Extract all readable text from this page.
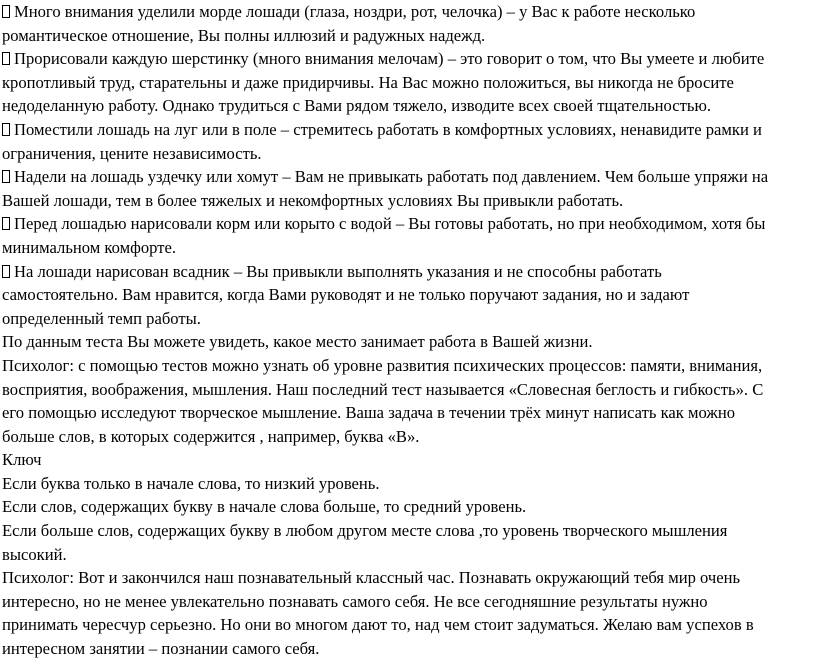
Много внимания уделили морде лошади (глаза, ноздри, рот, челочка) – у Вас к работе несколько
романтическое отношение, Вы полны иллюзий и радужных надежд.
Прорисовали каждую шерстинку (много внимания мелочам) – это говорит о том, что Вы умеете и любите
кропотливый труд, старательны и даже придирчивы. На Вас можно положиться, вы никогда не бросите
недоделанную работу. Однако трудиться с Вами рядом тяжело, изводите всех своей тщательностью.
Поместили лошадь на луг или в поле – стремитесь работать в комфортных условиях, ненавидите рамки и
ограничения, цените независимость.
Надели на лошадь уздечку или хомут – Вам не привыкать работать под давлением. Чем больше упряжи на
Вашей лошади, тем в более тяжелых и некомфортных условиях Вы привыкли работать.
Перед лошадью нарисовали корм или корыто с водой – Вы готовы работать, но при необходимом, хотя бы
минимальном комфорте.
На лошади нарисован всадник – Вы привыкли выполнять указания и не способны работать
самостоятельно. Вам нравится, когда Вами руководят и не только поручают задания, но и задают
определенный темп работы.
По данным теста Вы можете увидеть, какое место занимает работа в Вашей жизни.
Психолог: с помощью тестов можно узнать об уровне развития психических процессов: памяти, внимания,
восприятия, воображения, мышления. Наш последний тест называется «Словесная беглость и гибкость». С
его помощью исследуют творческое мышление. Ваша задача в течении трёх минут написать как можно
больше слов, в которых содержится , например, буква «В».
Ключ
Если буква только в начале слова, то низкий уровень.
Если слов, содержащих букву в начале слова больше, то средний уровень.
Если больше слов, содержащих букву в любом другом месте слова ,то уровень творческого мышления
высокий.
Психолог: Вот и закончился наш познавательный классный час. Познавать окружающий тебя мир очень
интересно, но не менее увлекательно познавать самого себя. Не все сегодняшние результаты нужно
принимать чересчур серьезно. Но они во многом дают то, над чем стоит задуматься. Желаю вам успехов в
интересном занятии – познании самого себя.
